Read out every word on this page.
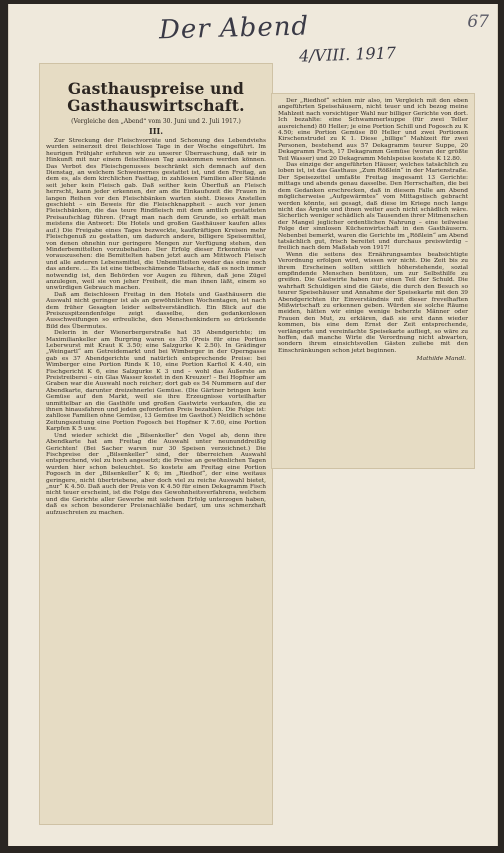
Der Abend
4/VIII. 1917
67
Gasthauspreise und Gasthauswirtschaft.
(Vergleiche den „Abend“ vom 30. Juni und 2. Juli 1917.)
III.

Zur Streckung der Fleischvorräte und Schonung des Lebendviehs wurden seinerzeit drei fleischlose Tage in der Woche eingeführt. Im heurigen Frühjahr erfuhren wir zu unserer Überraschung, daß wir in Hinkunft mit nur einem fleischlosen Tag auskommen werden können. Das Verbot des Fleischgenusses beschränkt sich demnach auf den Dienstag, an welchem Schweinernes gestattet ist, und den Freitag, an dem es, als dem kirchlichen Fasttag, in zahllosen Familien aller Stände seit jeher kein Fleisch gab. Daß seither kein Überfluß an Fleisch herrscht, kann jeder erkennen, der am die Einkaufszeit die Frauen in langen Reihen vor den Fleischbänken warten sieht. Dieses Anstellen geschieht – ein Beweis für die Fleischknappheit – auch vor jenen Fleischbänken, die das teure Rindfleisch mit dem amtlich gestatteten Preisaufschlag führen. (Fragt man nach dem Grunde, so erhält man meistens die Antwort: Die Hotels und großen Gasthäuser kaufen alles auf.) Die Freigabe eines Tages bezweckte, kaufkräftigen Kreisen mehr Fleischgenuß zu gestatten, um dadurch andere, billigere Speisemittel, von denen ohnehin nur geringere Mengen zur Verfügung stehen, den Minderbemittelten vorzubehalten. Der Erfolg dieser Erkenntnis war vorauszusehen: die Bemittelten haben jetzt auch am Mittwoch Fleisch und alle anderen Lebensmittel, die Unbemittelten weder das eine noch das andere. ... Es ist eine tiefbeschämende Tatsache, daß es noch immer notwendig ist, den Behörden vor Augen zu führen, daß jene Zügel anzulegen, weil sie von jeher Freiheit, die man ihnen läßt, einem so unwürdigen Gebrauch machen.

Daß am fleischlosen Freitag in den Hotels und Gasthäusern die Auswahl nicht geringer ist als an gewöhnlichen Wochentagen, ist nach dem früher Gesagten leider selbstverständlich. Ein Blick auf die Preiszuspitzendenfolge zeigt dasselbe, den gedankenlosen Ausschweifungen so erfreuliche, den Menschenkindern so drückende Bild des Übermutes.

Delerin in der Wienerbergerstraße hat 35 Abendgerichte; im Maximiliankeller am Burgring waren es 35 (Preis für eine Portion Leberwurst mit Kraut K 3.50; eine Salzgurke K 2.50). In Grädinger „Weingartl“ am Getreidemarkt und bei Wimberger in der Operngasse gab es 37 Abendgerichte und natürlich entsprechende Preise: bei Wimberger eine Portion Rinds K 10, eine Portion Karfiol K 4.40, ein Fischgericht K 6, eine Salzgurke K 3 und – wohl das Äußerste an Preistreiberei – ein Glas Wasser kostet in den Kreuzer! – Bei Hopfner am Graben war die Auswahl noch reicher; dort gab es 54 Nummern auf der Abendkarte, darunter dreizehnerlei Gemüse. (Die Gärtner bringen kein Gemüse auf den Markt, weil sie ihre Erzeugnisse vorteilhafter unmittelbar an die Gasthöfe und großen Gastwirte verkaufen, die zu ihnen hinausfahren und jeden geforderten Preis bezahlen. Die Folge ist: zahllose Familien ohne Gemüse, 13 Gemüse im Gasthof.) Neidlich schöne Zeitungszeitung eine Portion Fogosch bei Hopfner K 7.60, eine Portion Karpfen K 5 usw.

Und wieder schickt die „Bilsenkeller“ den Vogel ab, denn ihre Abendkarte hat am Freitag die Auswahl unter neununddreißig Gerichten! (Bei Sacher waren nur 30 Speisen verzeichnet.) Die Fischpreise der „Bilsenkeller“ sind, der überreichen Auswahl entsprechend, viel zu hoch angesetzt; die Preise an gewöhnlichen Tagen wurden hier schon beleuchtet. So kostete am Freitag eine Portion Fogosch in der „Bilsenkeller“ K 6; im „Riedhof“, der eine weitaus geringere, nicht übertriebene, aber doch viel zu reiche Auswahl bietet, „nur“ K 4.50. Daß auch der Preis von K 4.50 für einen Dekagramm Fisch nicht teuer erscheint, ist die Folge des Gewohnheitsverfahrens, welchem und die Gerichte aller Gewerbe mit solchem Erfolg unterzogen haben, daß es schon besonderer Preisnachläße bedarf, um uns schmerzhaft aufzuschreien zu machen.

Der „Riedhof“ schien mir also, im Vergleich mit den eben angeführten Speisehäusern, nicht teuer und ich bezog meine Mahlzeit nach vorsichtiger Wahl nur billiger Gerichte von dort. Ich bezahlte: eine Schwammerlsuppe (für zwei Teller ausreichend) 80 Heller; je eine Portion Schill und Fogosch zu K 4.50; eine Portion Gemüse 80 Heller und zwei Portionen Kirschenstrudel zu K 1. Diese „billige“ Mahlzeit für zwei Personen, bestehend aus 57 Dekagramm teurer Suppe, 20 Dekagramm Fisch, 17 Dekagramm Gemüse (woran der größte Teil Wasser) und 20 Dekagramm Mehlspeise kostete K 12.80.

Das einzige der angeführten Häuser, welches tatsächlich zu loben ist, ist das Gasthaus „Zum Rößlein“ in der Marienstraße. Der Speisezettel umfaßte Freitag insgesamt 13 Gerichte: mittags und abends genau dasselbe. Den Herrschaften, die bei dem Gedanken erschrecken, daß in diesem Falle am Abend möglicherweise „Aufgewärmtes“ vom Mittagstisch gebracht werden könnte, sei gesagt, daß diese im Kriege noch lange nicht das Ärgste und ihnen weiter auch nicht schädlich wäre. Sicherlich weniger schädlich als Tausenden ihrer Mitmenschen der Mangel jeglicher ordentlichen Nahrung – eine teilweise Folge der sinnlosen Küchenwirtschaft in den Gasthäusern. Nebenbei bemerkt, waren die Gerichte im „Rößlein“ am Abend tatsächlich gut, frisch bereitet und durchaus preiswürdig – freilich nach dem Maßstab von 1917!

Wenn die seitens des Ernährungsamtes beabsichtigte Verordnung erfolgen wird, wissen wir nicht. Die Zeit bis zu ihrem Erscheinen sollten sittlich höherstehende, sozial empfindende Menschen benützen, um zur Selbsthilfe zu greifen. Die Gastwirte haben nur einen Teil der Schuld. Die wahrhaft Schuldigen sind die Gäste, die durch den Besuch so teurer Speisehäuser und Annahme der Speisekarte mit den 39 Abendgerichten ihr Einverständnis mit dieser frevelhaften Mißwirtschaft zu erkennen geben. Würden sie solche Räume meiden, hätten wir einige wenige beherzte Männer oder Frauen den Mut, zu erklären, daß sie erst dann wieder kommen, bis eine dem Ernst der Zeit entsprechende, verlängerte und vereinfachte Speisekarte aufliegt, so wäre zu hoffen, daß manche Wirte die Verordnung nicht abwarten, sondern ihrem einsichtsvollen Gästen zuliebe mit den Einschränkungen schon jetzt beginnen.

Mathilde Mandl.
